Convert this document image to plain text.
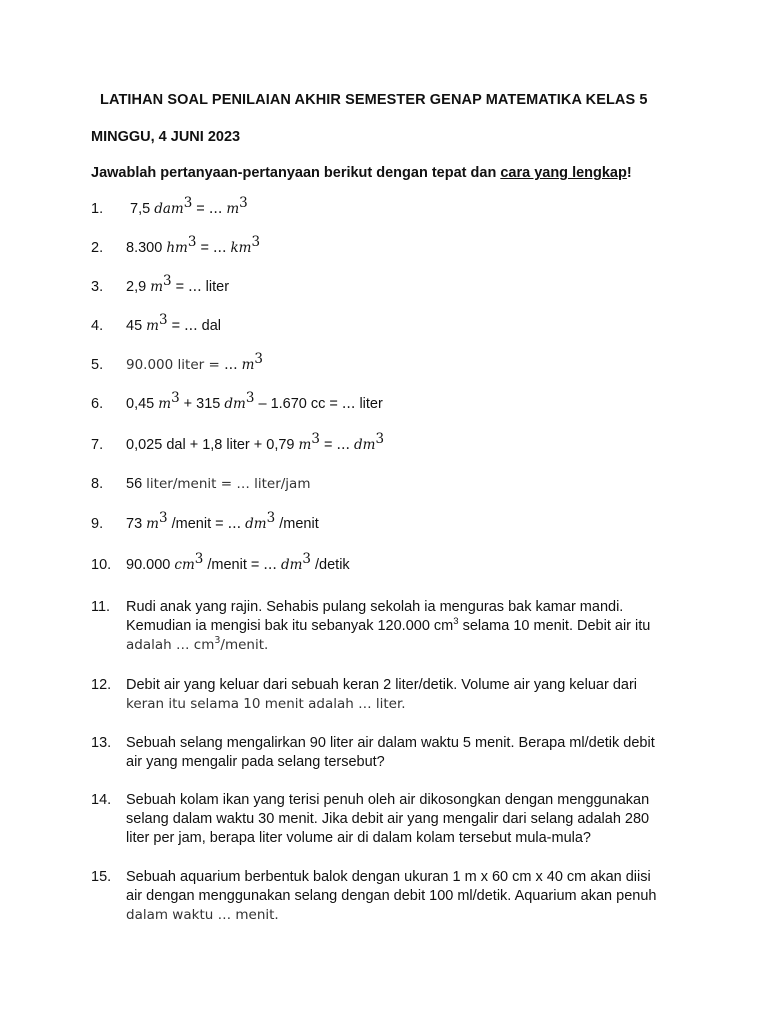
LATIHAN SOAL PENILAIAN AKHIR SEMESTER GENAP MATEMATIKA KELAS 5
MINGGU, 4 JUNI 2023
Jawablah pertanyaan-pertanyaan berikut dengan tepat dan cara yang lengkap!
1.	7,5 dam$^3$ = … $m^3$
2.	8.300 $hm^3$ = … $km^3$
3.	2,9 $m^3$ = … liter
4.	45 $m^3$ = … dal
5.	90.000 liter = … $m^3$
6.	0,45 $m^3 + 315$ $dm^3 - 1.670$ cc = … liter
7.	0,025 dal + 1,8 liter + 0,79 $m^3$ = … $dm^3$
8.	56 liter/menit = … liter/jam
9.	73 $m^3$ /menit = … $dm^3$ /menit
10.	90.000 $cm^3$ /menit = … $dm^3$ /detik
11.	Rudi anak yang rajin. Sehabis pulang sekolah ia menguras bak kamar mandi.
Kemudian ia mengisi bak itu sebanyak 120.000 $cm^3$ selama 10 menit. Debit air itu
adalah … $cm^3$/menit.
12.	Debit air yang keluar dari sebuah keran 2 liter/detik. Volume air yang keluar dari
keran itu selama 10 menit adalah … liter.
13.	Sebuah selang mengalirkan 90 liter air dalam waktu 5 menit. Berapa ml/detik debit
air yang mengalir pada selang tersebut?
14.	Sebuah kolam ikan yang terisi penuh oleh air dikosongkan dengan menggunakan
selang dalam waktu 30 menit. Jika debit air yang mengalir dari selang adalah 280
liter per jam, berapa liter volume air di dalam kolam tersebut mula-mula?
15.	Sebuah aquarium berbentuk balok dengan ukuran 1 m x 60 cm x 40 cm akan diisi
air dengan menggunakan selang dengan debit 100 ml/detik. Aquarium akan penuh
dalam waktu … menit.
